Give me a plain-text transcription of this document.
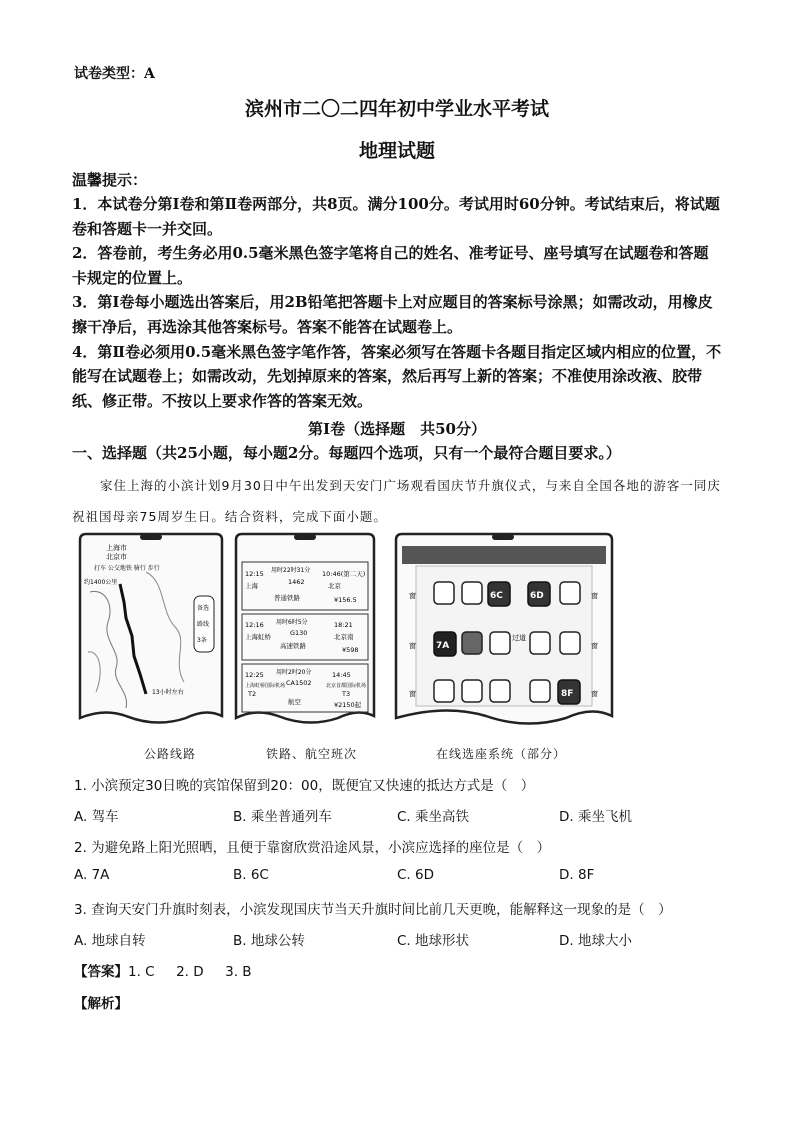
试卷类型：A
滨州市二〇二四年初中学业水平考试
地理试题
温馨提示：
1．本试卷分第Ⅰ卷和第Ⅱ卷两部分，共8页。满分100分。考试用时60分钟。考试结束后，将试题卷和答题卡一并交回。
2．答卷前，考生务必用0.5毫米黑色签字笔将自己的姓名、准考证号、座号填写在试题卷和答题卡规定的位置上。
3．第Ⅰ卷每小题选出答案后，用2B铅笔把答题卡上对应题目的答案标号涂黑；如需改动，用橡皮擦干净后，再选涂其他答案标号。答案不能答在试题卷上。
4．第Ⅱ卷必须用0.5毫米黑色签字笔作答，答案必须写在答题卡各题目指定区域内相应的位置，不能写在试题卷上；如需改动，先划掉原来的答案，然后再写上新的答案；不准使用涂改液、胶带纸、修正带。不按以上要求作答的答案无效。
第Ⅰ卷（选择题　共50分）
一、选择题（共25小题，每小题2分。每题四个选项，只有一个最符合题目要求。）
家住上海的小滨计划9月30日中午出发到天安门广场观看国庆节升旗仪式，与来自全国各地的游客一同庆祝祖国母亲75周岁生日。结合资料，完成下面小题。
上海市
北京市
打车 公交地铁 骑行 步行
约1400公里
13小时左右
备选
路线
3条
12:15 用时22时31分 10:46(第二天)
上海	1462	北京
普通铁路	¥156.5
12:16 用时6时5分	18:21
上海虹桥	G130	北京南
高速铁路	¥598
12:25 用时2时20分	14:45
上海虹桥国际机场 CA1502	北京首都国际机场
T2
航空
T3
¥2150起
窗
窗
窗
窗
窗
窗
过道
6C	6D
7A
8F
公路线路	铁路、航空班次	在线选座系统（部分）
1. 小滨预定30日晚的宾馆保留到20：00，既便宜又快速的抵达方式是（　）
A. 驾车	B. 乘坐普通列车	C. 乘坐高铁	D. 乘坐飞机
2. 为避免路上阳光照晒，且便于靠窗欣赏沿途风景，小滨应选择的座位是（　）
A. 7A	B. 6C	C. 6D	D. 8F
3. 查询天安门升旗时刻表，小滨发现国庆节当天升旗时间比前几天更晚，能解释这一现象的是（　）
A. 地球自转	B. 地球公转	C. 地球形状	D. 地球大小
【答案】1. C 2. D 3. B
【解析】
